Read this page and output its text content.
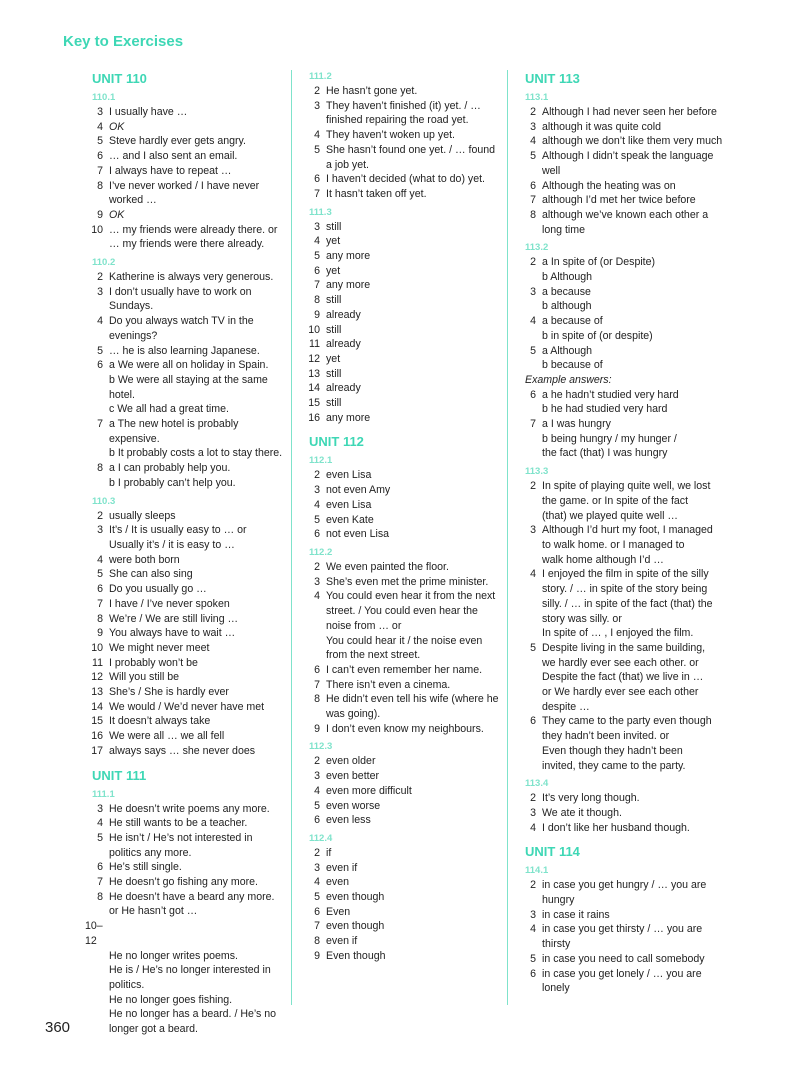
Key to Exercises
UNIT 110
110.1
3 I usually have …
4 OK
5 Steve hardly ever gets angry.
6 … and I also sent an email.
7 I always have to repeat …
8 I’ve never worked / I have never
worked …
9 OK
10 … my friends were already there. or
… my friends were there already.
110.2
2 Katherine is always very generous.
3 I don’t usually have to work on
Sundays.
4 Do you always watch TV in the
evenings?
5 … he is also learning Japanese.
6 a We were all on holiday in Spain.
b We were all staying at the same hotel.
c We all had a great time.
7 a The new hotel is probably expensive.
b It probably costs a lot to stay there.
8 a I can probably help you.
b I probably can’t help you.
110.3
2 usually sleeps
3 It’s / It is usually easy to … or
Usually it’s / it is easy to …
4 were both born
5 She can also sing
6 Do you usually go …
7 I have / I’ve never spoken
8 We’re / We are still living …
9 You always have to wait …
10 We might never meet
11 I probably won’t be
12 Will you still be
13 She’s / She is hardly ever
14 We would / We’d never have met
15 It doesn’t always take
16 We were all … we all fell
17 always says … she never does
UNIT 111
111.1
3 He doesn’t write poems any more.
4 He still wants to be a teacher.
5 He isn’t / He’s not interested in
politics any more.
6 He’s still single.
7 He doesn’t go fishing any more.
8 He doesn’t have a beard any more.
or He hasn’t got …
10–12

He no longer writes poems.
He is / He’s no longer interested in
politics.
He no longer goes fishing.
He no longer has a beard. / He’s no
longer got a beard.
111.2
2 He hasn’t gone yet.
3 They haven’t finished (it) yet. / …
finished repairing the road yet.
4 They haven’t woken up yet.
5 She hasn’t found one yet. / … found
a job yet.
6 I haven’t decided (what to do) yet.
7 It hasn’t taken off yet.
111.3
3 still
4 yet
5 any more
6 yet
7 any more
8 still
9 already
10 still
11 already
12 yet
13 still
14 already
15 still
16 any more
UNIT 112
112.1
2 even Lisa
3 not even Amy
4 even Lisa
5 even Kate
6 not even Lisa
112.2
2 We even painted the floor.
3 She’s even met the prime minister.
4 You could even hear it from the next
street. / You could even hear the
noise from … or
You could hear it / the noise even
from the next street.
6 I can’t even remember her name.
7 There isn’t even a cinema.
8 He didn’t even tell his wife (where he
was going).
9 I don’t even know my neighbours.
112.3
2 even older
3 even better
4 even more difficult
5 even worse
6 even less
112.4
2 if
3 even if
4 even
5 even though
6 Even
7 even though
8 even if
9 Even though
UNIT 113
113.1
2 Although I had never seen her before
3 although it was quite cold
4 although we don’t like them very much
5 Although I didn’t speak the language
well
6 Although the heating was on
7 although I’d met her twice before
8 although we’ve known each other a
long time
113.2
2 a In spite of (or Despite)
b Although
3 a because
b although
4 a because of
b in spite of (or despite)
5 a Although
b because of
Example answers:
6 a he hadn’t studied very hard
b he had studied very hard
7 a I was hungry
b being hungry / my hunger /
the fact (that) I was hungry
113.3
2 In spite of playing quite well, we lost
the game. or In spite of the fact
(that) we played quite well …
3 Although I’d hurt my foot, I managed
to walk home. or I managed to
walk home although I’d …
4 I enjoyed the film in spite of the silly
story. / … in spite of the story being
silly. / … in spite of the fact (that) the
story was silly. or
In spite of … , I enjoyed the film.
5 Despite living in the same building,
we hardly ever see each other. or
Despite the fact (that) we live in …
or We hardly ever see each other
despite …
6 They came to the party even though
they hadn’t been invited. or
Even though they hadn’t been
invited, they came to the party.
113.4
2 It’s very long though.
3 We ate it though.
4 I don’t like her husband though.
UNIT 114
114.1
2 in case you get hungry / … you are
hungry
3 in case it rains
4 in case you get thirsty / … you are
thirsty
5 in case you need to call somebody
6 in case you get lonely / … you are
lonely
360
